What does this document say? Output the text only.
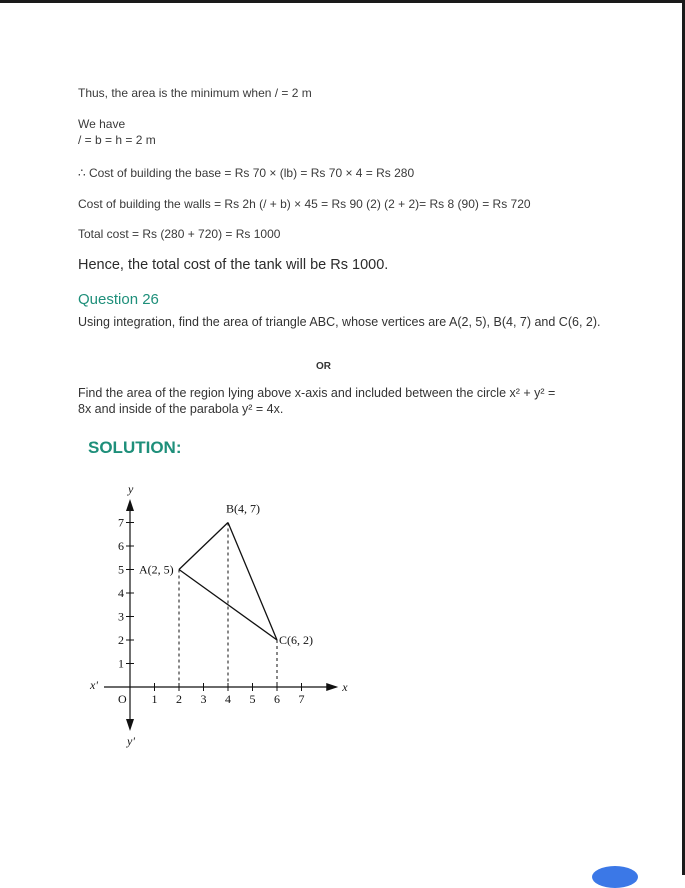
Thus, the area is the minimum when / = 2 m
We have
/ = b = h = 2 m
∴ Cost of building the base = Rs 70 × (lb) = Rs 70 × 4 = Rs 280
Cost of building the walls = Rs 2h (/ + b) × 45 = Rs 90 (2) (2 + 2)= Rs 8 (90) = Rs 720
Total cost = Rs (280 + 720) = Rs 1000
Hence, the total cost of the tank will be Rs 1000.
Question 26
Using integration, find the area of triangle ABC, whose vertices are A(2, 5), B(4, 7) and C(6, 2).
OR
Find the area of the region lying above x-axis and included between the circle x² + y² =
8x and inside of the parabola y² = 4x.
SOLUTION:
1 2 3 4 5 6 7
1
2
3
4
5
6
7
x
x'
y
y'
O
A(2, 5)
B(4, 7)
C(6, 2)
